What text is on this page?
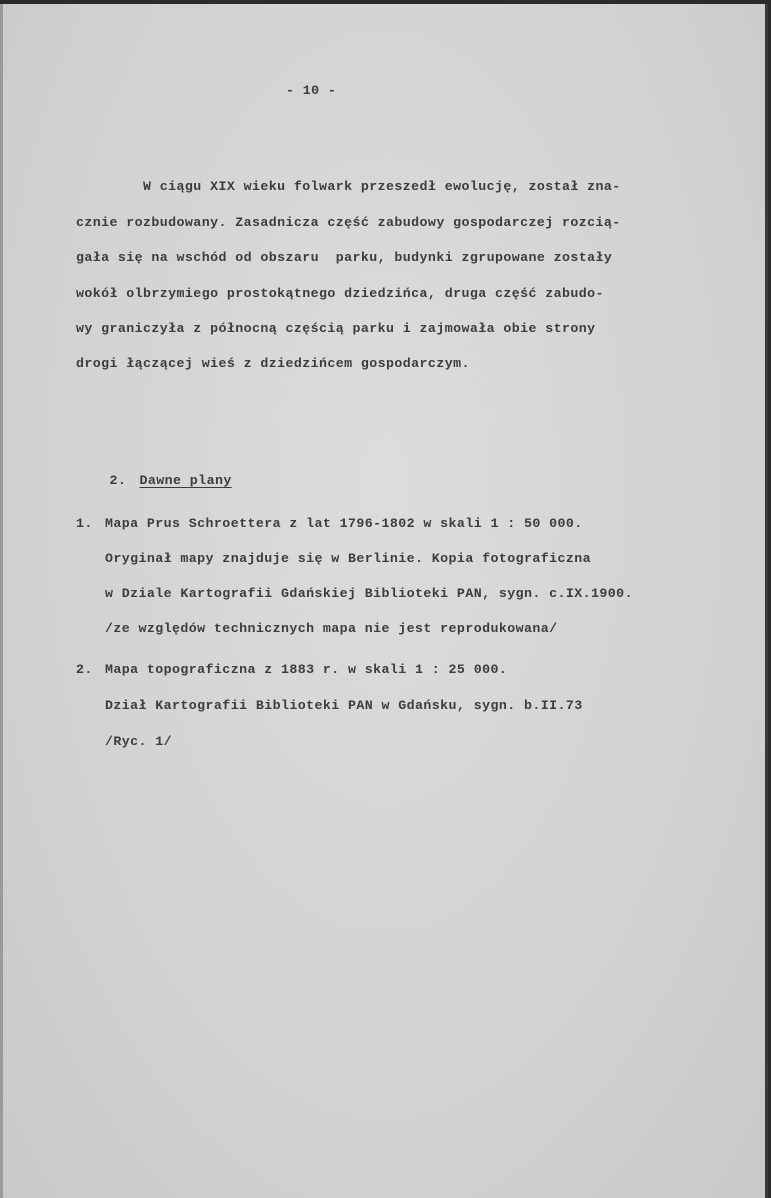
- 10 -
W ciągu XIX wieku folwark przeszedł ewolucję, został zna-
cznie rozbudowany. Zasadnicza część zabudowy gospodarczej rozcią-
gała się na wschód od obszaru  parku, budynki zgrupowane zostały
wokół olbrzymiego prostokątnego dziedzińca, druga część zabudo-
wy graniczyła z północną częścią parku i zajmowała obie strony
drogi łączącej wieś z dziedzińcem gospodarczym.

2. Dawne plany

1. Mapa Prus Schroettera z lat 1796-1802 w skali 1 : 50 000.
Oryginał mapy znajduje się w Berlinie. Kopia fotograficzna
w Dziale Kartografii Gdańskiej Biblioteki PAN, sygn. c.IX.1900.
/ze względów technicznych mapa nie jest reprodukowana/
2. Mapa topograficzna z 1883 r. w skali 1 : 25 000.
Dział Kartografii Biblioteki PAN w Gdańsku, sygn. b.II.73
/Ryc. 1/
